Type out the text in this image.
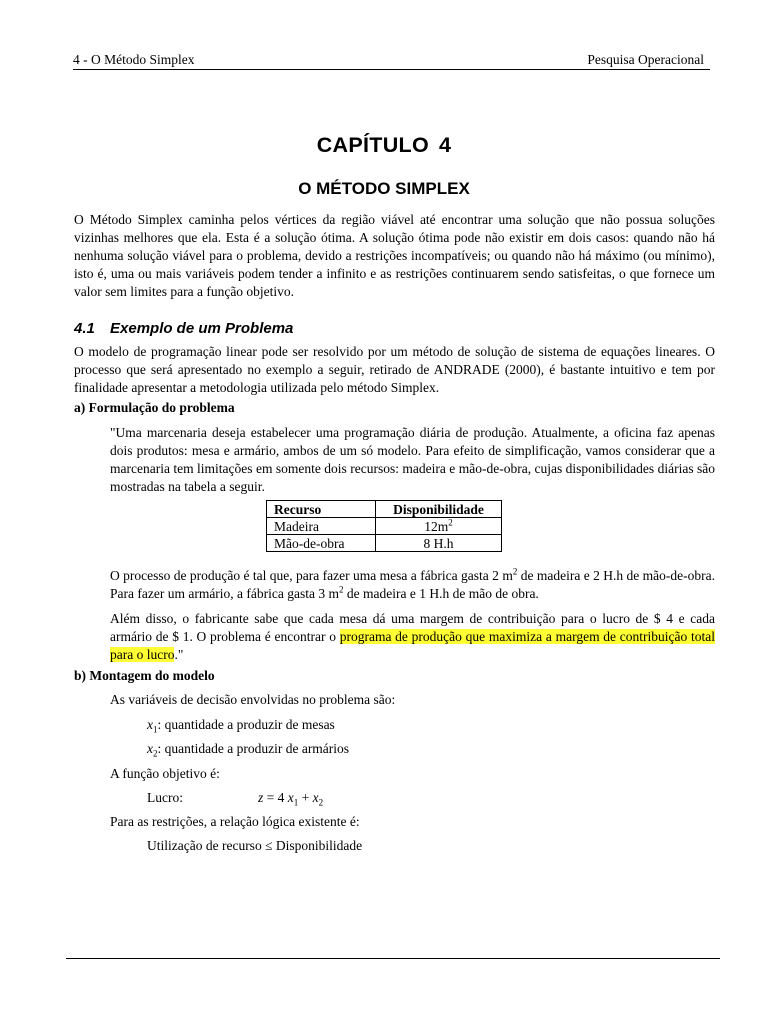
4 - O Método Simplex	Pesquisa Operacional
CAPÍTULO 4
O MÉTODO SIMPLEX
O Método Simplex caminha pelos vértices da região viável até encontrar uma solução que não possua soluções vizinhas melhores que ela. Esta é a solução ótima. A solução ótima pode não existir em dois casos: quando não há nenhuma solução viável para o problema, devido a restrições incompatíveis; ou quando não há máximo (ou mínimo), isto é, uma ou mais variáveis podem tender a infinito e as restrições continuarem sendo satisfeitas, o que fornece um valor sem limites para a função objetivo.
4.1 Exemplo de um Problema
O modelo de programação linear pode ser resolvido por um método de solução de sistema de equações lineares. O processo que será apresentado no exemplo a seguir, retirado de ANDRADE (2000), é bastante intuitivo e tem por finalidade apresentar a metodologia utilizada pelo método Simplex.
a) Formulação do problema
"Uma marcenaria deseja estabelecer uma programação diária de produção. Atualmente, a oficina faz apenas dois produtos: mesa e armário, ambos de um só modelo. Para efeito de simplificação, vamos considerar que a marcenaria tem limitações em somente dois recursos: madeira e mão-de-obra, cujas disponibilidades diárias são mostradas na tabela a seguir.
Recurso	Disponibilidade
Madeira	$12m^2$
Mão-de-obra	8 H.h
O processo de produção é tal que, para fazer uma mesa a fábrica gasta 2 $m^2$ de madeira e 2 H.h de mão-de-obra. Para fazer um armário, a fábrica gasta 3 $m^2$ de madeira e 1 H.h de mão de obra.
Além disso, o fabricante sabe que cada mesa dá uma margem de contribuição para o lucro de $ 4 e cada armário de $ 1. O problema é encontrar o programa de produção que maximiza a margem de contribuição total para o lucro."
b) Montagem do modelo
As variáveis de decisão envolvidas no problema são:
$x_1$: quantidade a produzir de mesas
$x_2$: quantidade a produzir de armários
A função objetivo é:
Lucro:	z = 4 $x_1 + x_2$
Para as restrições, a relação lógica existente é:
Utilização de recurso ≤ Disponibilidade
